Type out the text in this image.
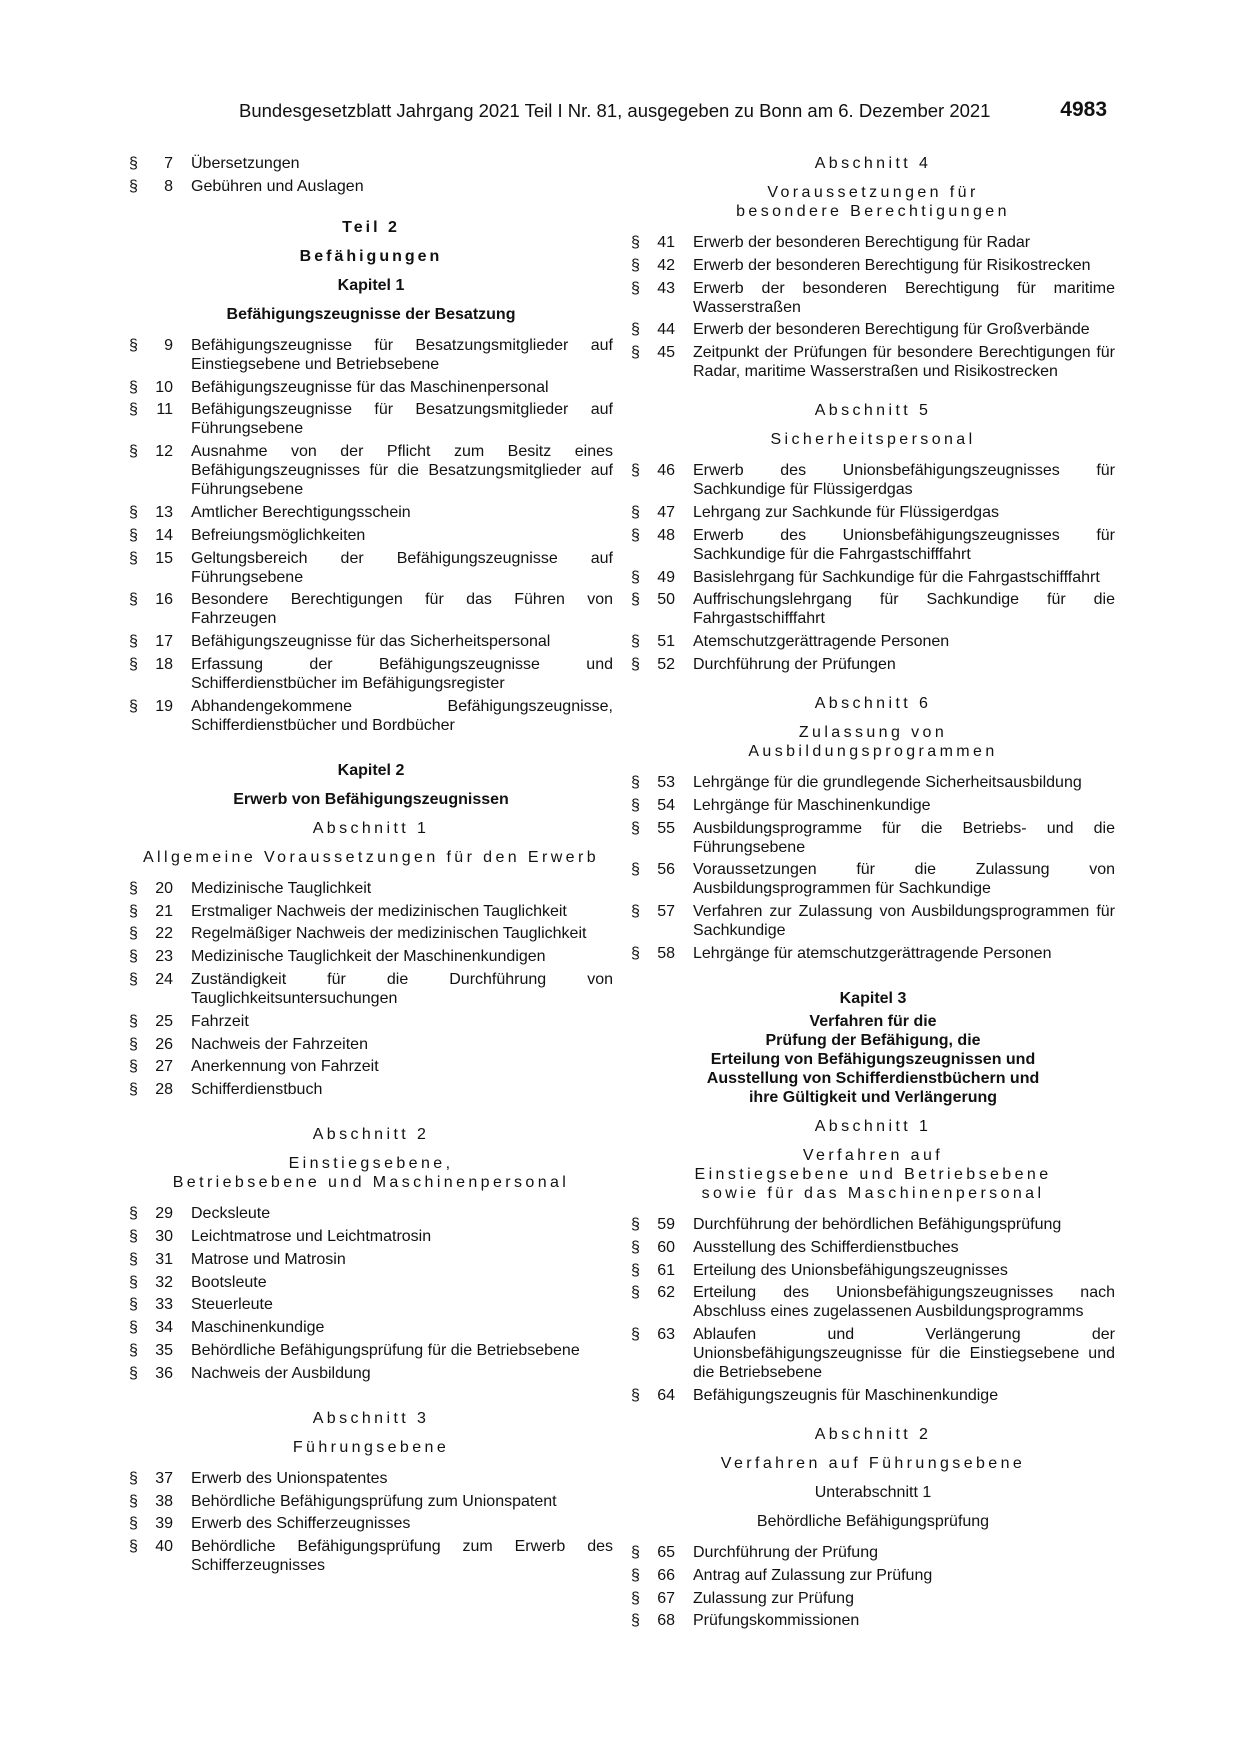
Bundesgesetzblatt Jahrgang 2021 Teil I Nr. 81, ausgegeben zu Bonn am 6. Dezember 2021	4983
§	7 Übersetzungen
§	8 Gebühren und Auslagen
Teil 2
Befähigungen
Kapitel 1
Befähigungszeugnisse der Besatzung
§	9 Befähigungszeugnisse für Besatzungsmitglieder auf Einstiegsebene und Betriebsebene
§	10 Befähigungszeugnisse für das Maschinenpersonal
§	11 Befähigungszeugnisse für Besatzungsmitglieder auf Führungsebene
§	12 Ausnahme von der Pflicht zum Besitz eines Befähigungszeugnisses für die Besatzungsmitglieder auf Führungsebene
§	13 Amtlicher Berechtigungsschein
§	14 Befreiungsmöglichkeiten
§	15 Geltungsbereich der Befähigungszeugnisse auf Führungsebene
§	16 Besondere Berechtigungen für das Führen von Fahrzeugen
§	17 Befähigungszeugnisse für das Sicherheitspersonal
§	18 Erfassung der Befähigungszeugnisse und Schifferdienstbücher im Befähigungsregister
§	19 Abhandengekommene Befähigungszeugnisse, Schifferdienstbücher und Bordbücher
Kapitel 2
Erwerb von Befähigungszeugnissen
Abschnitt 1
Allgemeine Voraussetzungen für den Erwerb
§	20 Medizinische Tauglichkeit
§	21 Erstmaliger Nachweis der medizinischen Tauglichkeit
§	22 Regelmäßiger Nachweis der medizinischen Tauglichkeit
§	23 Medizinische Tauglichkeit der Maschinenkundigen
§	24 Zuständigkeit für die Durchführung von Tauglichkeitsuntersuchungen
§	25 Fahrzeit
§	26 Nachweis der Fahrzeiten
§	27 Anerkennung von Fahrzeit
§	28 Schifferdienstbuch
Abschnitt 2
Einstiegsebene,
Betriebsebene und Maschinenpersonal
§	29 Decksleute
§	30 Leichtmatrose und Leichtmatrosin
§	31 Matrose und Matrosin
§	32 Bootsleute
§	33 Steuerleute
§	34 Maschinenkundige
§	35 Behördliche Befähigungsprüfung für die Betriebsebene
§	36 Nachweis der Ausbildung
Abschnitt 3
Führungsebene
§	37 Erwerb des Unionspatentes
§	38 Behördliche Befähigungsprüfung zum Unionspatent
§	39 Erwerb des Schifferzeugnisses
§	40 Behördliche Befähigungsprüfung zum Erwerb des Schifferzeugnisses
Abschnitt 4
Voraussetzungen für
besondere Berechtigungen
§	41 Erwerb der besonderen Berechtigung für Radar
§	42 Erwerb der besonderen Berechtigung für Risikostrecken
§	43 Erwerb der besonderen Berechtigung für maritime Wasserstraßen
§	44 Erwerb der besonderen Berechtigung für Großverbände
§	45 Zeitpunkt der Prüfungen für besondere Berechtigungen für Radar, maritime Wasserstraßen und Risikostrecken
Abschnitt 5
Sicherheitspersonal
§	46 Erwerb des Unionsbefähigungszeugnisses für Sachkundige für Flüssigerdgas
§	47 Lehrgang zur Sachkunde für Flüssigerdgas
§	48 Erwerb des Unionsbefähigungszeugnisses für Sachkundige für die Fahrgastschifffahrt
§	49 Basislehrgang für Sachkundige für die Fahrgastschifffahrt
§	50 Auffrischungslehrgang für Sachkundige für die Fahrgastschifffahrt
§	51 Atemschutzgerättragende Personen
§	52 Durchführung der Prüfungen
Abschnitt 6
Zulassung von
Ausbildungsprogrammen
§	53 Lehrgänge für die grundlegende Sicherheitsausbildung
§	54 Lehrgänge für Maschinenkundige
§	55 Ausbildungsprogramme für die Betriebs- und die Führungsebene
§	56 Voraussetzungen für die Zulassung von Ausbildungsprogrammen für Sachkundige
§	57 Verfahren zur Zulassung von Ausbildungsprogrammen für Sachkundige
§	58 Lehrgänge für atemschutzgerättragende Personen
Kapitel 3
Verfahren für die
Prüfung der Befähigung, die
Erteilung von Befähigungszeugnissen und
Ausstellung von Schifferdienstbüchern und
ihre Gültigkeit und Verlängerung
Abschnitt 1
Verfahren auf
Einstiegsebene und Betriebsebene
sowie für das Maschinenpersonal
§	59 Durchführung der behördlichen Befähigungsprüfung
§	60 Ausstellung des Schifferdienstbuches
§	61 Erteilung des Unionsbefähigungszeugnisses
§	62 Erteilung des Unionsbefähigungszeugnisses nach Abschluss eines zugelassenen Ausbildungsprogramms
§	63 Ablaufen und Verlängerung der Unionsbefähigungszeugnisse für die Einstiegsebene und die Betriebsebene
§	64 Befähigungszeugnis für Maschinenkundige
Abschnitt 2
Verfahren auf Führungsebene
Unterabschnitt 1
Behördliche Befähigungsprüfung
§	65 Durchführung der Prüfung
§	66 Antrag auf Zulassung zur Prüfung
§	67 Zulassung zur Prüfung
§	68 Prüfungskommissionen
